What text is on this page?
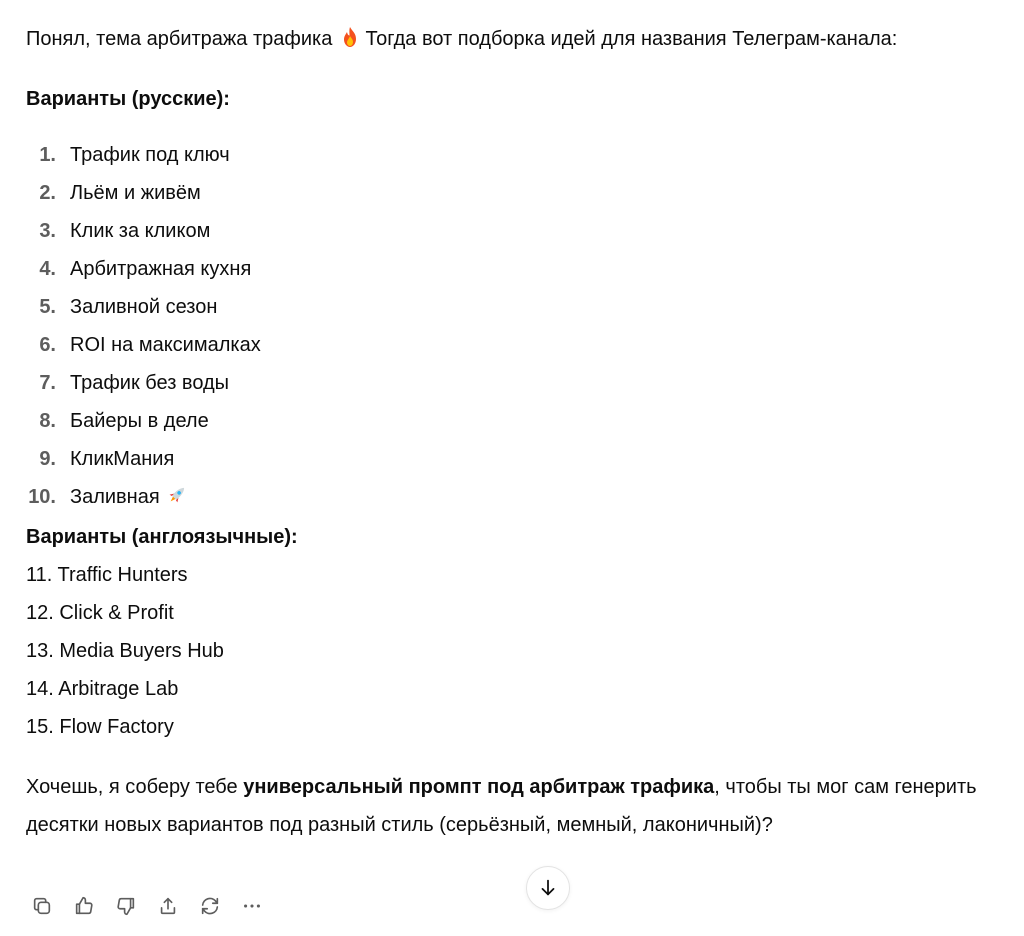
Понял, тема арбитража трафика Тогда вот подборка идей для названия Телеграм-канала:

Варианты (русские):

1. Трафик под ключ
2. Льём и живём
3. Клик за кликом
4. Арбитражная кухня
5. Заливной сезон
6. ROI на максималках
7. Трафик без воды
8. Байеры в деле
9. КликМания
10. Заливная

Варианты (англоязычные):

11. Traffic Hunters
12. Click & Profit
13. Media Buyers Hub
14. Arbitrage Lab
15. Flow Factory

Хочешь, я соберу тебе универсальный промпт под арбитраж трафика, чтобы ты мог сам генерить десятки новых вариантов под разный стиль (серьёзный, мемный, лаконичный)?
